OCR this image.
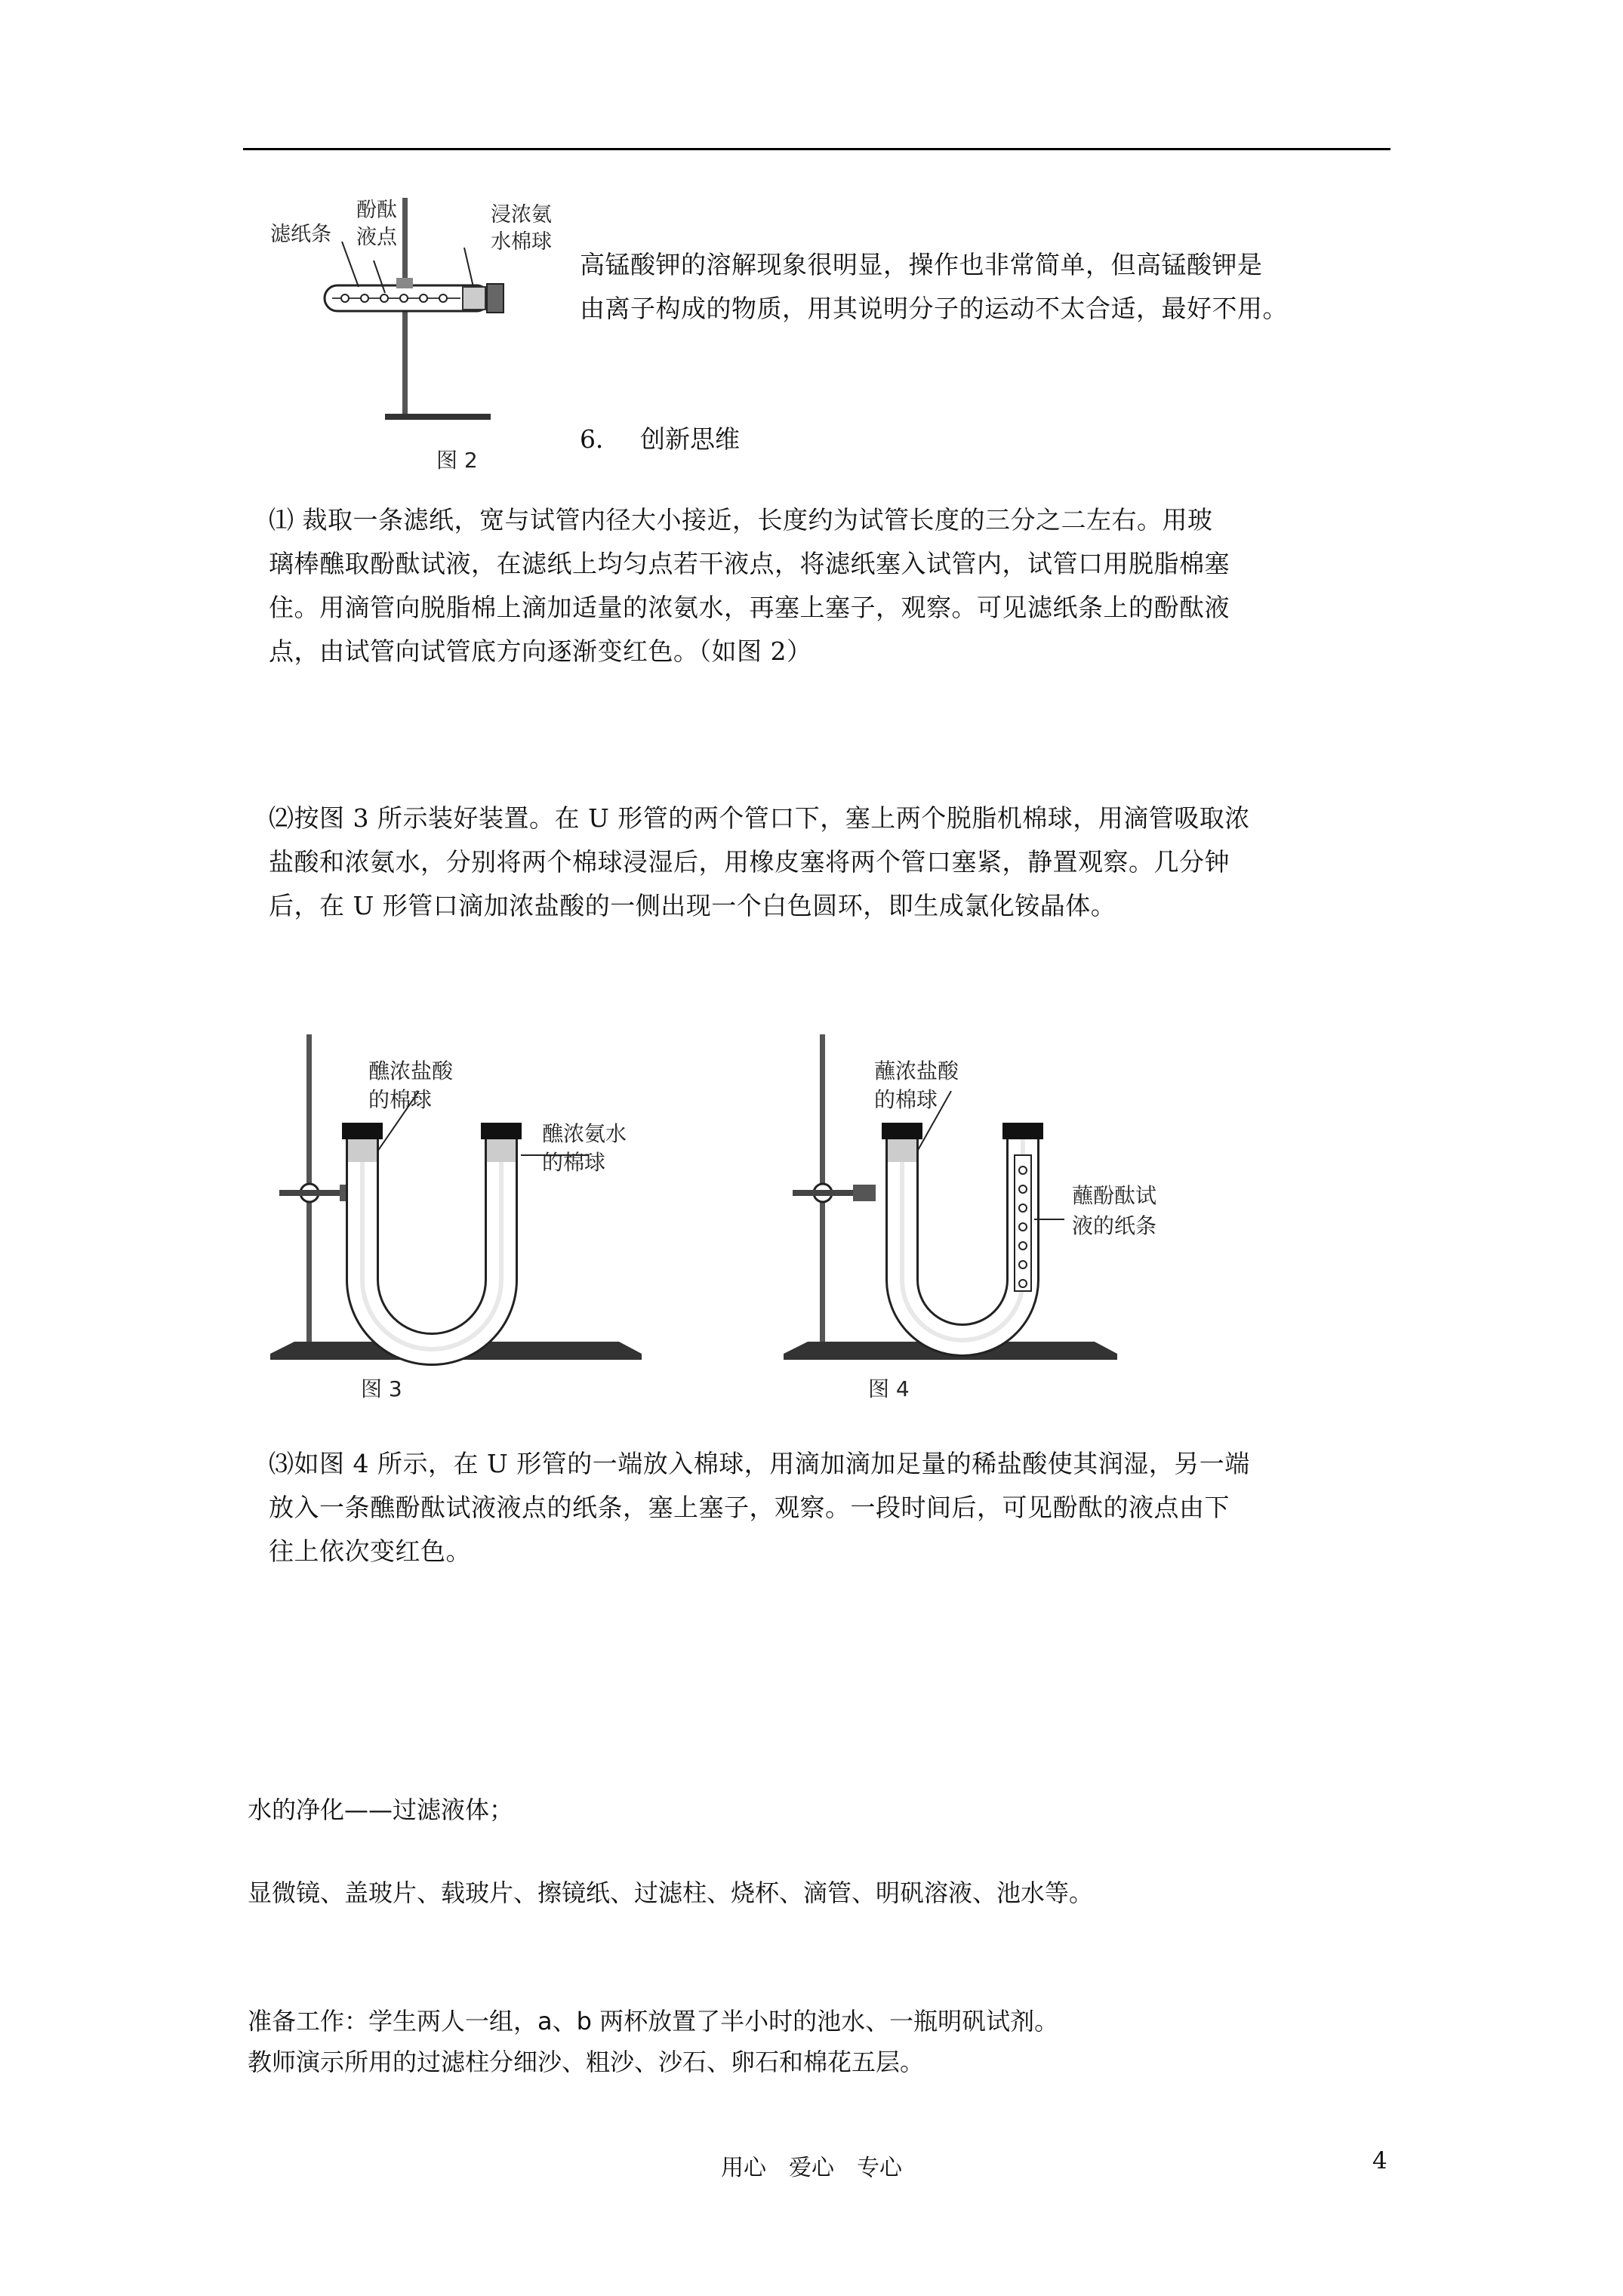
滤纸条
酚酞
液点
浸浓氨
水棉球
图 2
高锰酸钾的溶解现象很明显，操作也非常简单，但高锰酸钾是
由离子构成的物质，用其说明分子的运动不太合适，最好不用。
6． 创新思维
⑴ 裁取一条滤纸，宽与试管内径大小接近，长度约为试管长度的三分之二左右。用玻
璃棒醮取酚酞试液，在滤纸上均匀点若干液点，将滤纸塞入试管内，试管口用脱脂棉塞
住。用滴管向脱脂棉上滴加适量的浓氨水，再塞上塞子，观察。可见滤纸条上的酚酞液
点，由试管向试管底方向逐渐变红色。（如图 2）
⑵按图 3 所示装好装置。在 U 形管的两个管口下，塞上两个脱脂机棉球，用滴管吸取浓
盐酸和浓氨水，分别将两个棉球浸湿后，用橡皮塞将两个管口塞紧，静置观察。几分钟
后，在 U 形管口滴加浓盐酸的一侧出现一个白色圆环，即生成氯化铵晶体。
醮浓盐酸
的棉球
醮浓氨水
的棉球
图 3
蘸浓盐酸
的棉球
蘸酚酞试
液的纸条
图 4
⑶如图 4 所示，在 U 形管的一端放入棉球，用滴加滴加足量的稀盐酸使其润湿，另一端
放入一条醮酚酞试液液点的纸条，塞上塞子，观察。一段时间后，可见酚酞的液点由下
往上依次变红色。
水的净化——过滤液体；
显微镜、盖玻片、载玻片、擦镜纸、过滤柱、烧杯、滴管、明矾溶液、池水等。
准备工作：学生两人一组，a、b 两杯放置了半小时的池水、一瓶明矾试剂。
教师演示所用的过滤柱分细沙、粗沙、沙石、卵石和棉花五层。
用心　爱心　专心	4
